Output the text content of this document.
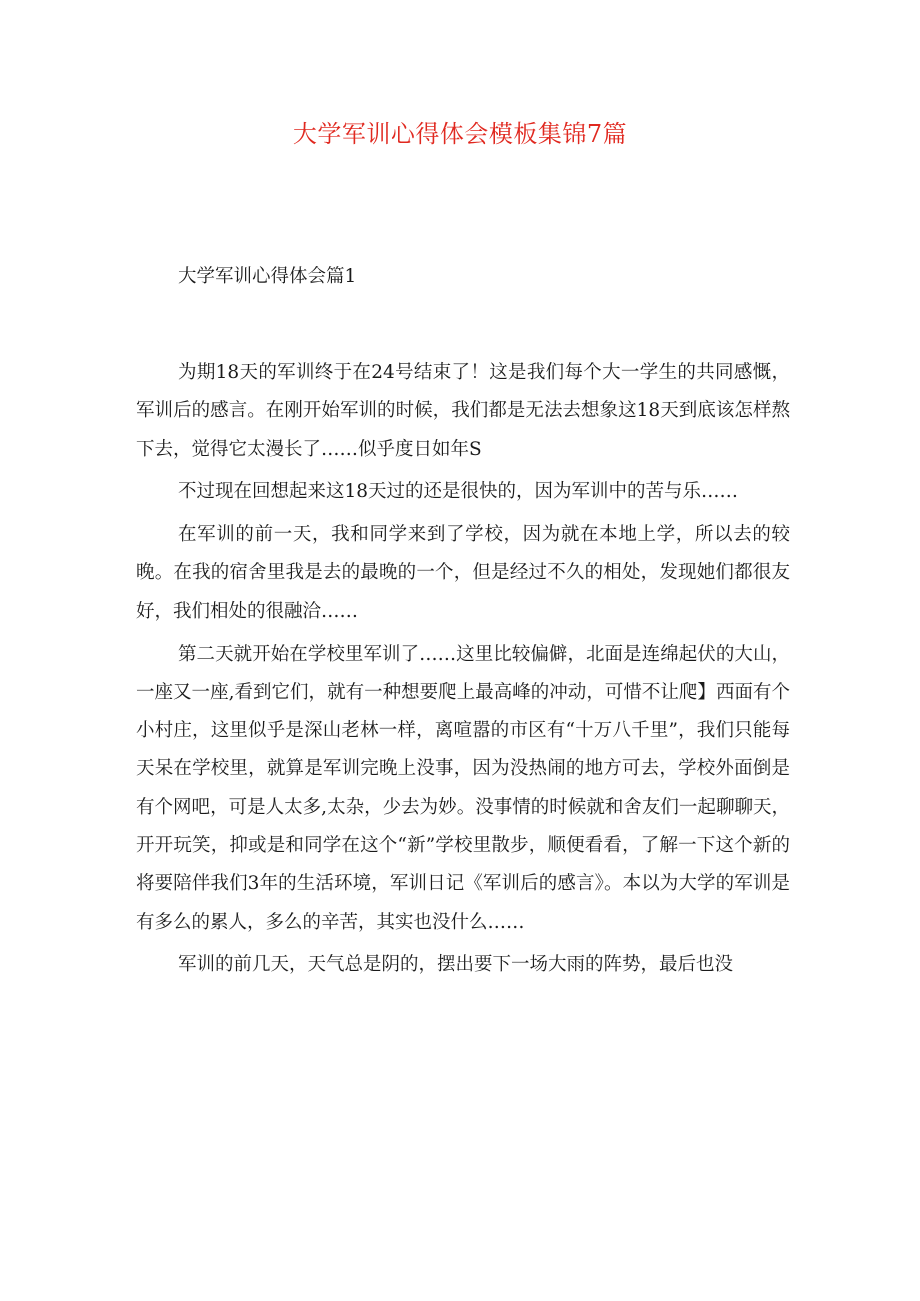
大学军训心得体会模板集锦7篇
大学军训心得体会篇1

为期18天的军训终于在24号结束了！这是我们每个大一学生的共同感慨，军训后的感言。在刚开始军训的时候，我们都是无法去想象这18天到底该怎样熬下去，觉得它太漫长了……似乎度日如年S

不过现在回想起来这18天过的还是很快的，因为军训中的苦与乐……

在军训的前一天，我和同学来到了学校，因为就在本地上学，所以去的较晚。在我的宿舍里我是去的最晚的一个，但是经过不久的相处，发现她们都很友好，我们相处的很融洽……

第二天就开始在学校里军训了……这里比较偏僻，北面是连绵起伏的大山，一座又一座,看到它们，就有一种想要爬上最高峰的冲动，可惜不让爬】西面有个小村庄，这里似乎是深山老林一样，离喧嚣的市区有“十万八千里”，我们只能每天呆在学校里，就算是军训完晚上没事，因为没热闹的地方可去，学校外面倒是有个网吧，可是人太多,太杂，少去为妙。没事情的时候就和舍友们一起聊聊天，开开玩笑，抑或是和同学在这个“新”学校里散步，顺便看看，了解一下这个新的将要陪伴我们3年的生活环境，军训日记《军训后的感言》。本以为大学的军训是有多么的累人，多么的辛苦，其实也没什么……

军训的前几天，天气总是阴的，摆出要下一场大雨的阵势，最后也没
